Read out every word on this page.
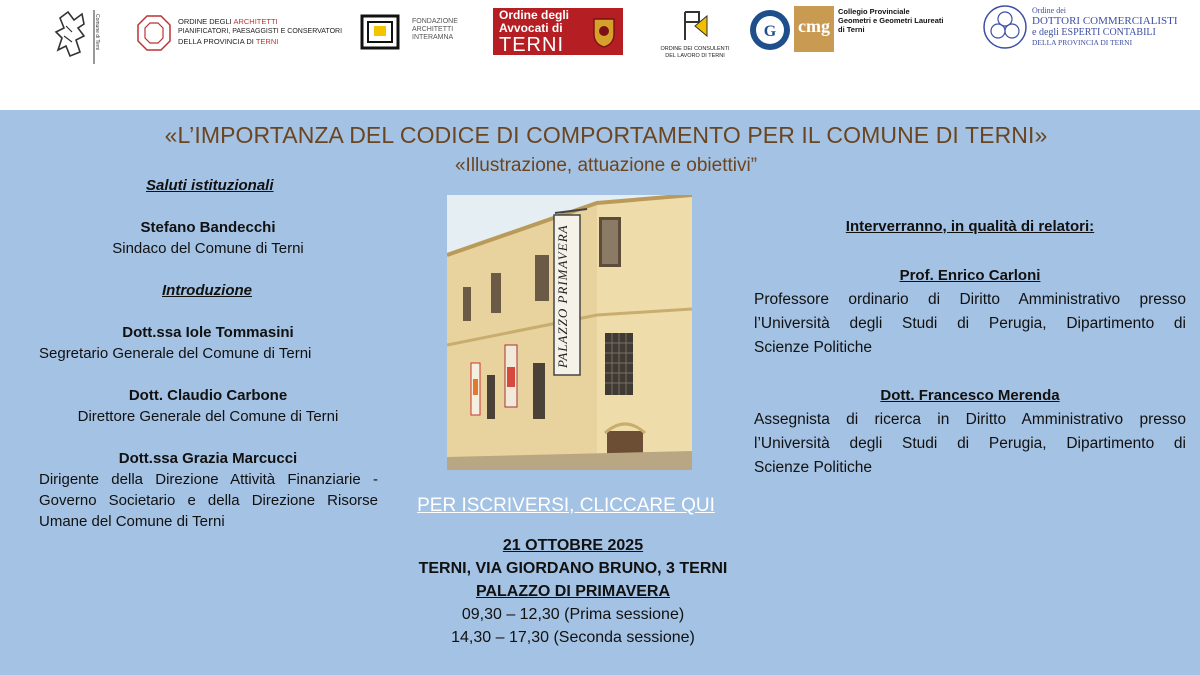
Comune di Terni	ORDINE DEGLI ARCHITETTI
PIANIFICATORI, PAESAGGISTI E CONSERVATORI
DELLA PROVINCIA DI TERNI
FONDAZIONE
ARCHITETTI
INTERAMNA
Ordine degli
Avvocati di
TERNI	ORDINE DEI CONSULENTI
DEL LAVORO DI TERNI
G cmg
Collegio Provinciale
Geometri e Geometri Laureati
di Terni
Ordine dei
DOTTORI COMMERCIALISTI
e degli ESPERTI CONTABILI
DELLA PROVINCIA DI TERNI
«L’IMPORTANZA DEL CODICE DI COMPORTAMENTO PER IL COMUNE DI TERNI»
«Illustrazione, attuazione e obiettivi”
Saluti istituzionali
Stefano Bandecchi
Sindaco del Comune di Terni
Introduzione
Dott.ssa Iole Tommasini
Segretario Generale del Comune di Terni
Dott. Claudio Carbone
Direttore Generale del Comune di Terni
Dott.ssa Grazia Marcucci
Dirigente della Direzione Attività Finanziarie -
Governo Societario e della Direzione Risorse
Umane del Comune di Terni
PALAZZO PRIMAVERA
PER ISCRIVERSI, CLICCARE QUI
21 OTTOBRE 2025
TERNI, VIA GIORDANO BRUNO, 3 TERNI
PALAZZO DI PRIMAVERA
09,30 – 12,30 (Prima sessione)
14,30 – 17,30 (Seconda sessione)
Interverranno, in qualità di relatori:
Prof. Enrico Carloni
Professore ordinario di Diritto Amministrativo presso
l’Università degli Studi di Perugia, Dipartimento di
Scienze Politiche
Dott. Francesco Merenda
Assegnista di ricerca in Diritto Amministrativo presso
l’Università degli Studi di Perugia, Dipartimento di
Scienze Politiche
